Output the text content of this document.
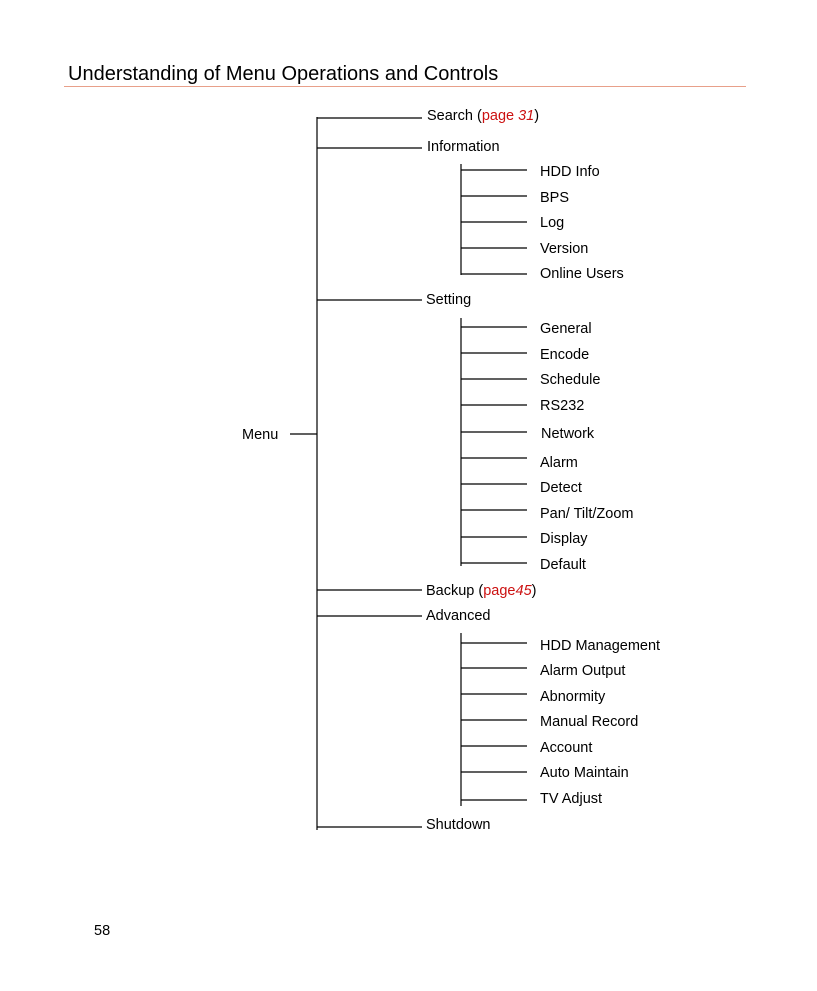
Understanding of Menu Operations and Controls
Menu
Search (page 31)
Information
Setting
Backup (page45)
Advanced
Shutdown
HDD Info
BPS
Log
Version
Online Users
General
Encode
Schedule
RS232
Network
Alarm
Detect
Pan/ Tilt/Zoom
Display
Default
HDD Management
Alarm Output
Abnormity
Manual Record
Account
Auto Maintain
TV Adjust
58
